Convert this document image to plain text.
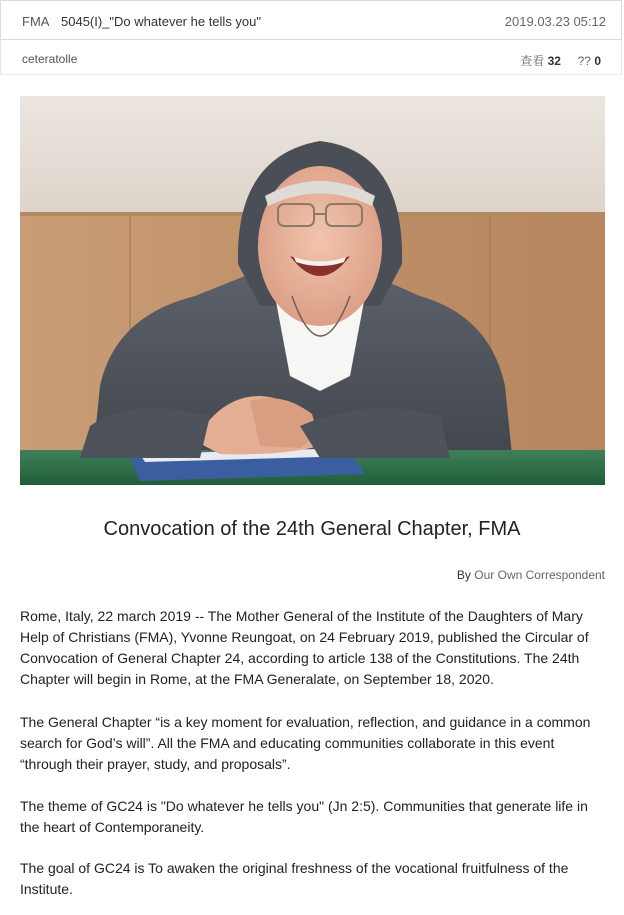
FMA 5045(I)_"Do whatever he tells you"	2019.03.23 05:12
ceteratolle	查看 32 ?? 0
Convocation of the 24th General Chapter, FMA
By Our Own Correspondent
Rome, Italy, 22 march 2019 -- The Mother General of the Institute of the Daughters of Mary Help of Christians (FMA), Yvonne Reungoat, on 24 February 2019, published the Circular of Convocation of General Chapter 24, according to article 138 of the Constitutions. The 24th Chapter will begin in Rome, at the FMA Generalate, on September 18, 2020.
The General Chapter “is a key moment for evaluation, reflection, and guidance in a common search for God’s will”. All the FMA and educating communities collaborate in this event “through their prayer, study, and proposals”.
The theme of GC24 is "Do whatever he tells you" (Jn 2:5). Communities that generate life in the heart of Contemporaneity.
The goal of GC24 is To awaken the original freshness of the vocational fruitfulness of the Institute.
